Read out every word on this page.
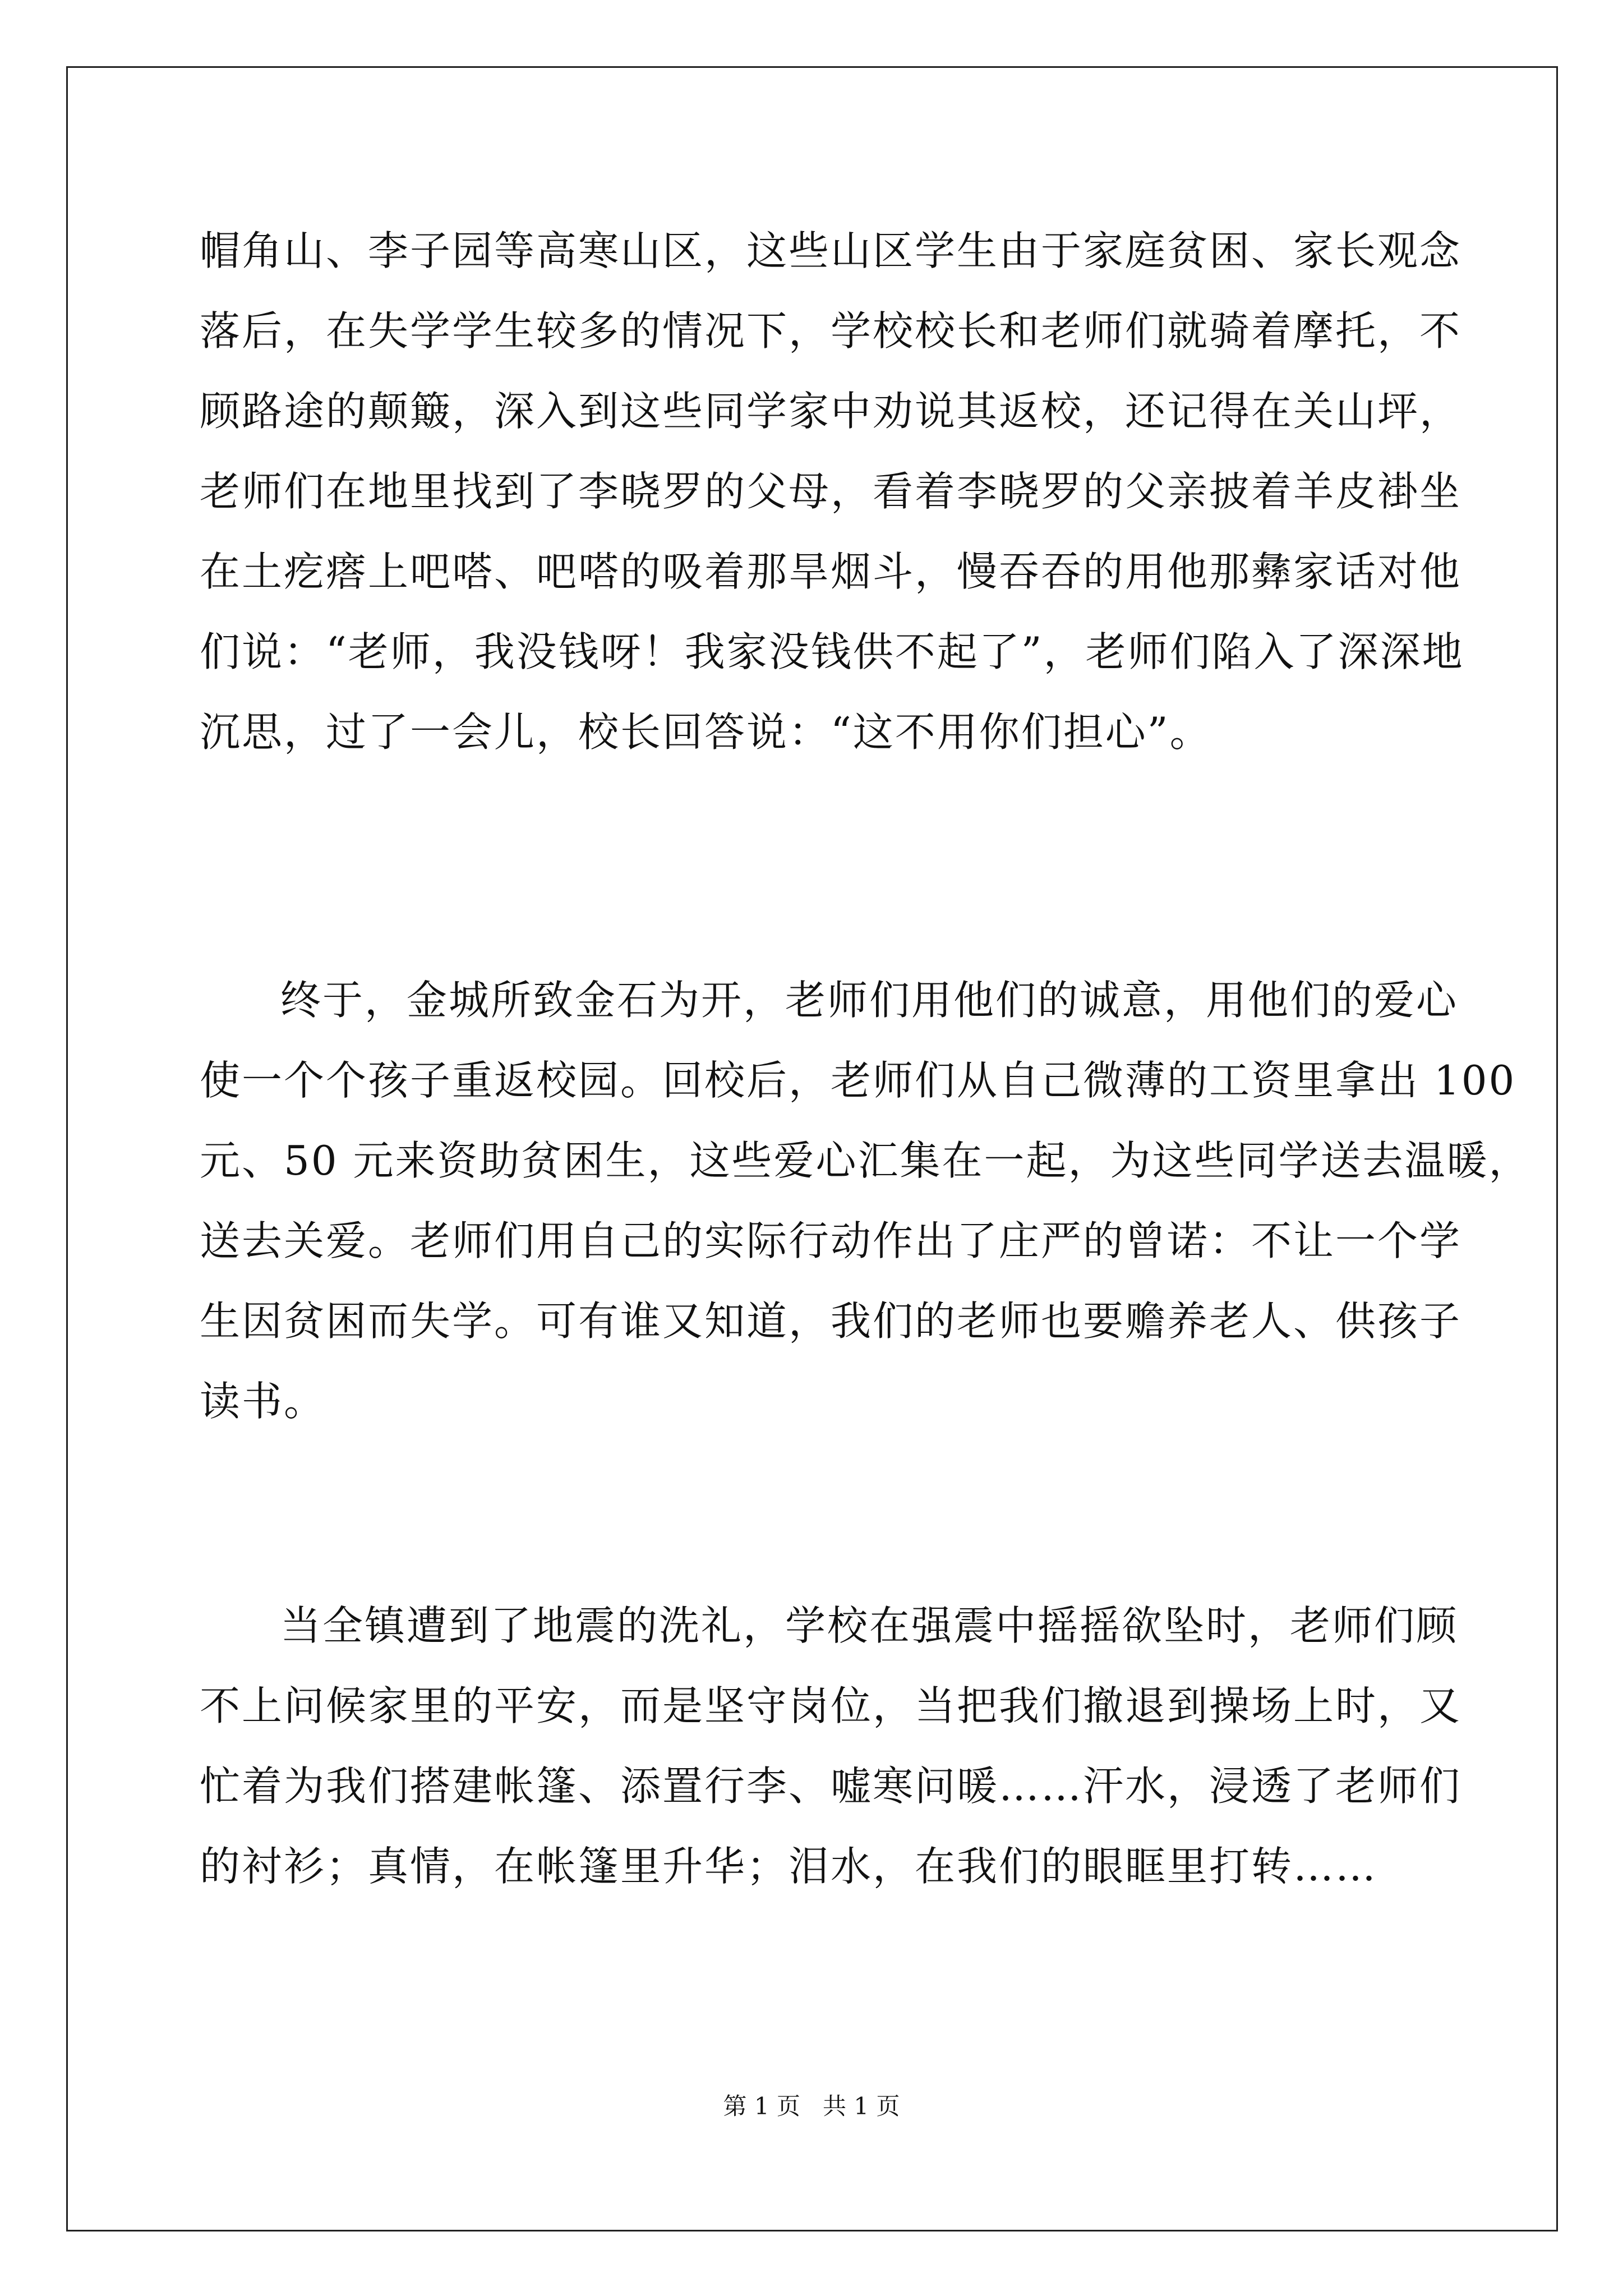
帽角山、李子园等高寒山区，这些山区学生由于家庭贫困、家长观念
落后，在失学学生较多的情况下，学校校长和老师们就骑着摩托，不
顾路途的颠簸，深入到这些同学家中劝说其返校，还记得在关山坪，
老师们在地里找到了李晓罗的父母，看着李晓罗的父亲披着羊皮褂坐
在土疙瘩上吧嗒、吧嗒的吸着那旱烟斗，慢吞吞的用他那彝家话对他
们说：“老师，我没钱呀！我家没钱供不起了”，老师们陷入了深深地
沉思，过了一会儿，校长回答说：“这不用你们担心”。
终于，金城所致金石为开，老师们用他们的诚意，用他们的爱心
使一个个孩子重返校园。回校后，老师们从自己微薄的工资里拿出 100
元、50 元来资助贫困生，这些爱心汇集在一起，为这些同学送去温暖，
送去关爱。老师们用自己的实际行动作出了庄严的曾诺：不让一个学
生因贫困而失学。可有谁又知道，我们的老师也要赡养老人、供孩子
读书。
当全镇遭到了地震的洗礼，学校在强震中摇摇欲坠时，老师们顾
不上问候家里的平安，而是坚守岗位，当把我们撤退到操场上时，又
忙着为我们搭建帐篷、添置行李、嘘寒问暖……汗水，浸透了老师们
的衬衫；真情，在帐篷里升华；泪水，在我们的眼眶里打转……
第 1 页   共 1 页
